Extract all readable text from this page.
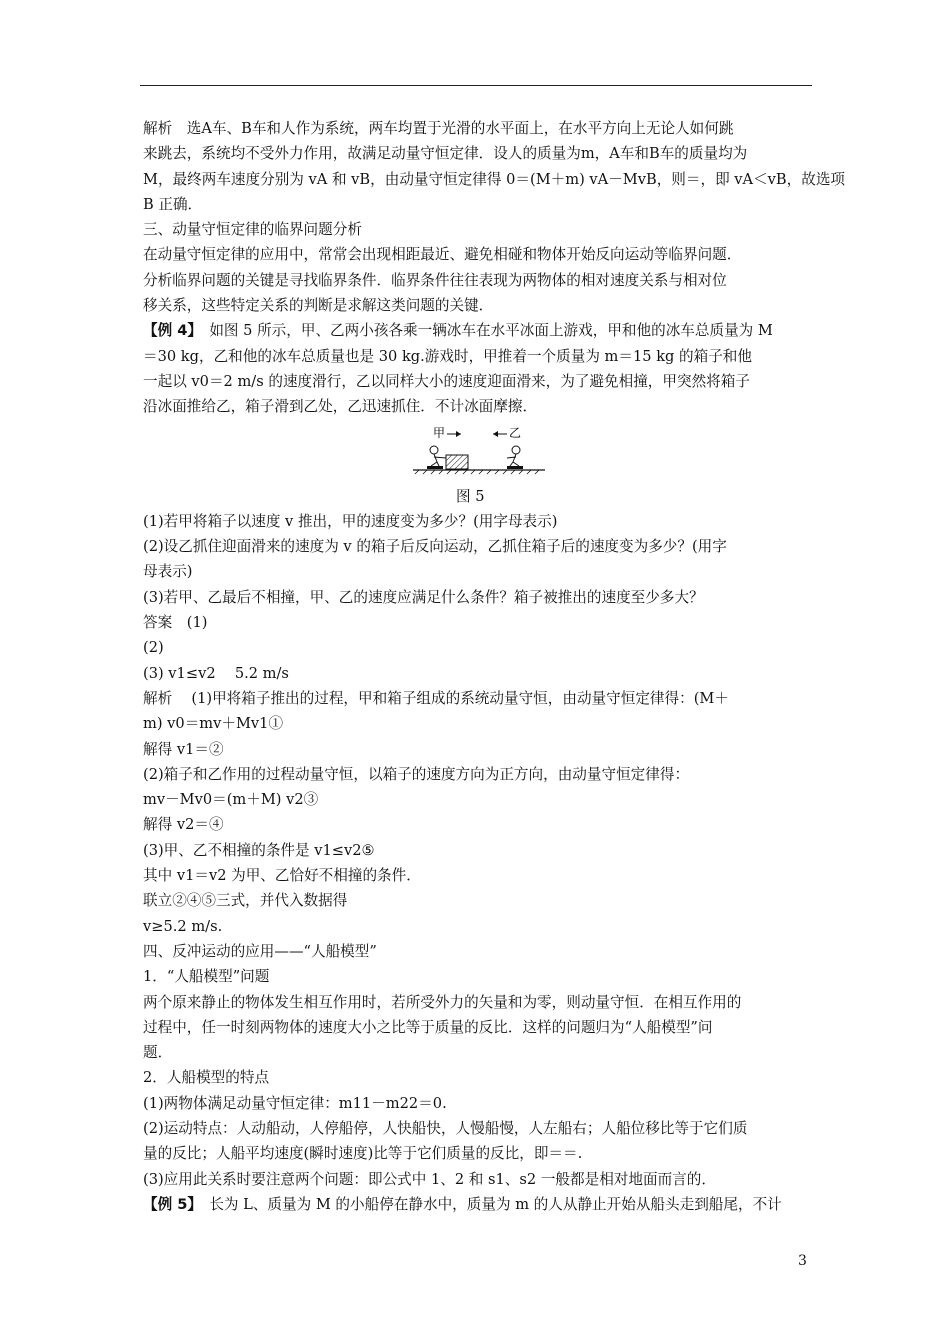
解析　选A车、B车和人作为系统，两车均置于光滑的水平面上，在水平方向上无论人如何跳
来跳去，系统均不受外力作用，故满足动量守恒定律．设人的质量为m，A车和B车的质量均为
M，最终两车速度分别为 vA 和 vB，由动量守恒定律得 0＝(M＋m) vA－MvB，则＝，即 vA＜vB，故选项
B 正确．
三、动量守恒定律的临界问题分析
在动量守恒定律的应用中，常常会出现相距最近、避免相碰和物体开始反向运动等临界问题．
分析临界问题的关键是寻找临界条件．临界条件往往表现为两物体的相对速度关系与相对位
移关系，这些特定关系的判断是求解这类问题的关键．
【例 4】　如图 5 所示，甲、乙两小孩各乘一辆冰车在水平冰面上游戏，甲和他的冰车总质量为 M
＝30 kg，乙和他的冰车总质量也是 30 kg.游戏时，甲推着一个质量为 m＝15 kg 的箱子和他
一起以 v0＝2 m/s 的速度滑行，乙以同样大小的速度迎面滑来，为了避免相撞，甲突然将箱子
沿冰面推给乙，箱子滑到乙处，乙迅速抓住．不计冰面摩擦．
甲	乙
图 5
(1)若甲将箱子以速度 v 推出，甲的速度变为多少？(用字母表示)
(2)设乙抓住迎面滑来的速度为 v 的箱子后反向运动，乙抓住箱子后的速度变为多少？(用字
母表示)
(3)若甲、乙最后不相撞，甲、乙的速度应满足什么条件？箱子被推出的速度至少多大？
答案　(1)
(2)
(3) v1≤v2　 5.2 m/s
解析　 (1)甲将箱子推出的过程，甲和箱子组成的系统动量守恒，由动量守恒定律得：(M＋
m) v0＝mv＋Mv1①
解得 v1＝②
(2)箱子和乙作用的过程动量守恒，以箱子的速度方向为正方向，由动量守恒定律得：
mv－Mv0＝(m＋M) v2③
解得 v2＝④
(3)甲、乙不相撞的条件是 v1≤v2⑤
其中 v1＝v2 为甲、乙恰好不相撞的条件．
联立②④⑤三式，并代入数据得
v≥5.2 m/s.
四、反冲运动的应用——“人船模型”
1．“人船模型”问题
两个原来静止的物体发生相互作用时，若所受外力的矢量和为零，则动量守恒．在相互作用的
过程中，任一时刻两物体的速度大小之比等于质量的反比．这样的问题归为“人船模型”问
题．
2．人船模型的特点
(1)两物体满足动量守恒定律：m11－m22＝0.
(2)运动特点：人动船动，人停船停，人快船快，人慢船慢，人左船右；人船位移比等于它们质
量的反比；人船平均速度(瞬时速度)比等于它们质量的反比，即＝＝.
(3)应用此关系时要注意两个问题：即公式中 1、2 和 s1、s2 一般都是相对地面而言的．
【例 5】　长为 L、质量为 M 的小船停在静水中，质量为 m 的人从静止开始从船头走到船尾，不计
3
